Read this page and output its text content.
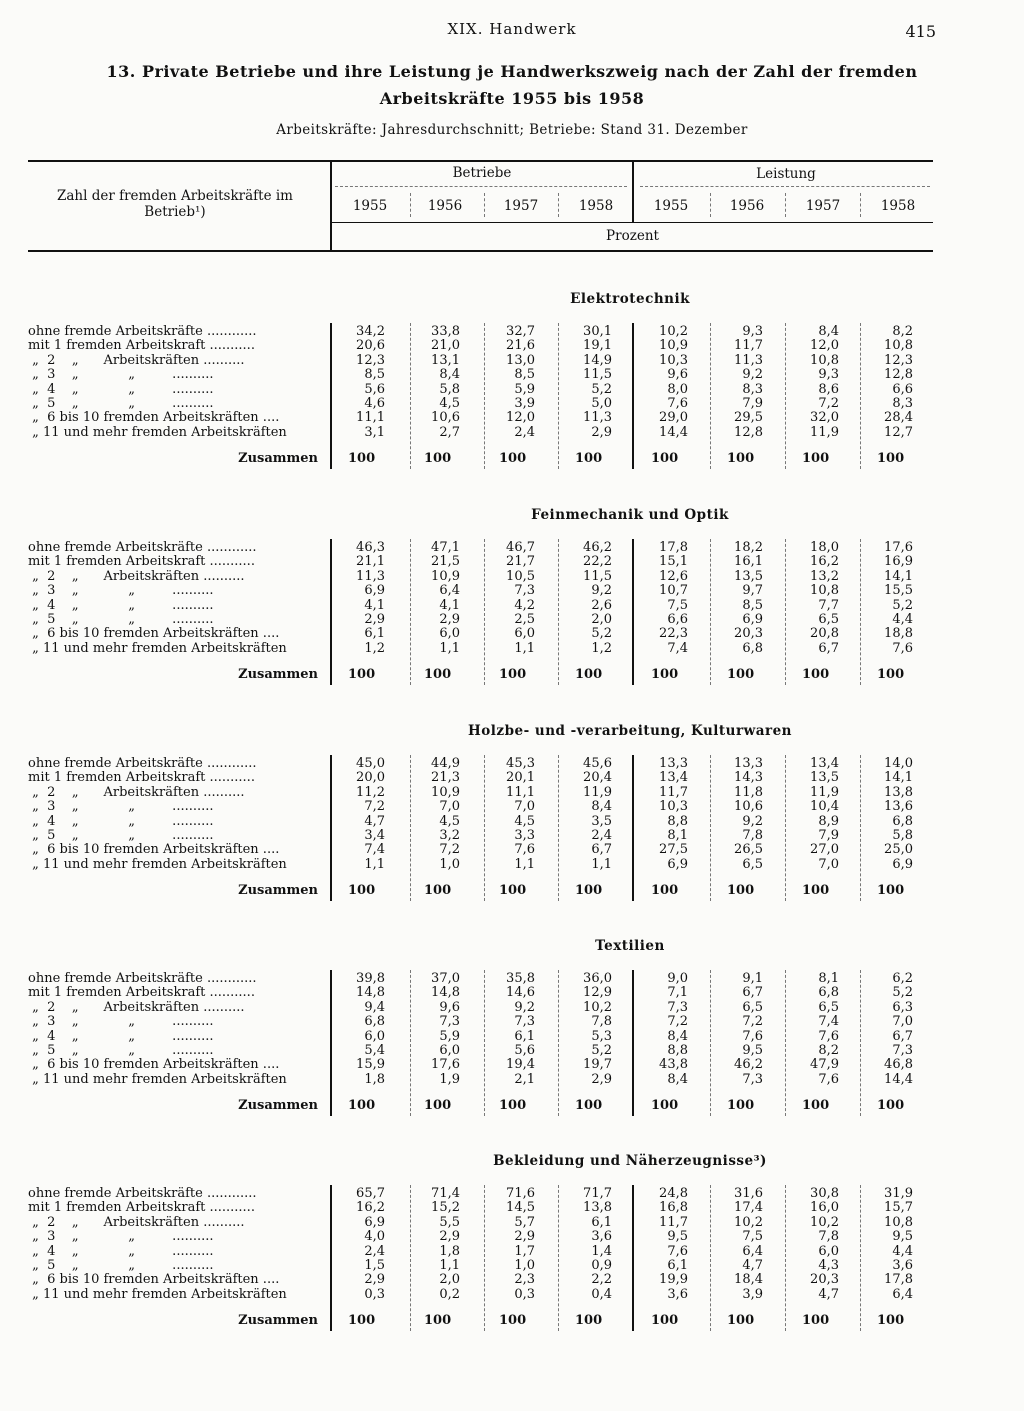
XIX. Handwerk	415
13. Private Betriebe und ihre Leistung je Handwerkszweig nach der Zahl der fremden
Arbeitskräfte 1955 bis 1958
Arbeitskräfte: Jahresdurchschnitt; Betriebe: Stand 31. Dezember
Zahl der fremden Arbeitskräfte im Betrieb¹)
Betriebe	Leistung
Prozent
1955	1956	1957	1958	1955	1956	1957	1958
Elektrotechnik
ohne fremde Arbeitskräfte ............	34,2	33,8	32,7	30,1	10,2	9,3	8,4	8,2
mit 1 fremden Arbeitskraft ...........	20,6	21,0	21,6	19,1	10,9	11,7	12,0	10,8
„  2    „      Arbeitskräften ..........	12,3	13,1	13,0	14,9	10,3	11,3	10,8	12,3
„  3    „            „         ..........	8,5	8,4	8,5	11,5	9,6	9,2	9,3	12,8
„  4    „            „         ..........	5,6	5,8	5,9	5,2	8,0	8,3	8,6	6,6
„  5    „            „         ..........	4,6	4,5	3,9	5,0	7,6	7,9	7,2	8,3
„  6 bis 10 fremden Arbeitskräften ....	11,1	10,6	12,0	11,3	29,0	29,5	32,0	28,4
„ 11 und mehr fremden Arbeitskräften	3,1	2,7	2,4	2,9	14,4	12,8	11,9	12,7
Zusammen 100	100	100	100	100	100	100	100
Feinmechanik und Optik
ohne fremde Arbeitskräfte ............	46,3	47,1	46,7	46,2	17,8	18,2	18,0	17,6
mit 1 fremden Arbeitskraft ...........	21,1	21,5	21,7	22,2	15,1	16,1	16,2	16,9
„  2    „      Arbeitskräften ..........	11,3	10,9	10,5	11,5	12,6	13,5	13,2	14,1
„  3    „            „         ..........	6,9	6,4	7,3	9,2	10,7	9,7	10,8	15,5
„  4    „            „         ..........	4,1	4,1	4,2	2,6	7,5	8,5	7,7	5,2
„  5    „            „         ..........	2,9	2,9	2,5	2,0	6,6	6,9	6,5	4,4
„  6 bis 10 fremden Arbeitskräften ....	6,1	6,0	6,0	5,2	22,3	20,3	20,8	18,8
„ 11 und mehr fremden Arbeitskräften	1,2	1,1	1,1	1,2	7,4	6,8	6,7	7,6
Zusammen 100	100	100	100	100	100	100	100
Holzbe- und -verarbeitung, Kulturwaren
ohne fremde Arbeitskräfte ............	45,0	44,9	45,3	45,6	13,3	13,3	13,4	14,0
mit 1 fremden Arbeitskraft ...........	20,0	21,3	20,1	20,4	13,4	14,3	13,5	14,1
„  2    „      Arbeitskräften ..........	11,2	10,9	11,1	11,9	11,7	11,8	11,9	13,8
„  3    „            „         ..........	7,2	7,0	7,0	8,4	10,3	10,6	10,4	13,6
„  4    „            „         ..........	4,7	4,5	4,5	3,5	8,8	9,2	8,9	6,8
„  5    „            „         ..........	3,4	3,2	3,3	2,4	8,1	7,8	7,9	5,8
„  6 bis 10 fremden Arbeitskräften ....	7,4	7,2	7,6	6,7	27,5	26,5	27,0	25,0
„ 11 und mehr fremden Arbeitskräften	1,1	1,0	1,1	1,1	6,9	6,5	7,0	6,9
Zusammen 100	100	100	100	100	100	100	100
Textilien
ohne fremde Arbeitskräfte ............	39,8	37,0	35,8	36,0	9,0	9,1	8,1	6,2
mit 1 fremden Arbeitskraft ...........	14,8	14,8	14,6	12,9	7,1	6,7	6,8	5,2
„  2    „      Arbeitskräften ..........	9,4	9,6	9,2	10,2	7,3	6,5	6,5	6,3
„  3    „            „         ..........	6,8	7,3	7,3	7,8	7,2	7,2	7,4	7,0
„  4    „            „         ..........	6,0	5,9	6,1	5,3	8,4	7,6	7,6	6,7
„  5    „            „         ..........	5,4	6,0	5,6	5,2	8,8	9,5	8,2	7,3
„  6 bis 10 fremden Arbeitskräften ....	15,9	17,6	19,4	19,7	43,8	46,2	47,9	46,8
„ 11 und mehr fremden Arbeitskräften	1,8	1,9	2,1	2,9	8,4	7,3	7,6	14,4
Zusammen 100	100	100	100	100	100	100	100
Bekleidung und Näherzeugnisse³)
ohne fremde Arbeitskräfte ............	65,7	71,4	71,6	71,7	24,8	31,6	30,8	31,9
mit 1 fremden Arbeitskraft ...........	16,2	15,2	14,5	13,8	16,8	17,4	16,0	15,7
„  2    „      Arbeitskräften ..........	6,9	5,5	5,7	6,1	11,7	10,2	10,2	10,8
„  3    „            „         ..........	4,0	2,9	2,9	3,6	9,5	7,5	7,8	9,5
„  4    „            „         ..........	2,4	1,8	1,7	1,4	7,6	6,4	6,0	4,4
„  5    „            „         ..........	1,5	1,1	1,0	0,9	6,1	4,7	4,3	3,6
„  6 bis 10 fremden Arbeitskräften ....	2,9	2,0	2,3	2,2	19,9	18,4	20,3	17,8
„ 11 und mehr fremden Arbeitskräften	0,3	0,2	0,3	0,4	3,6	3,9	4,7	6,4
Zusammen 100	100	100	100	100	100	100	100
